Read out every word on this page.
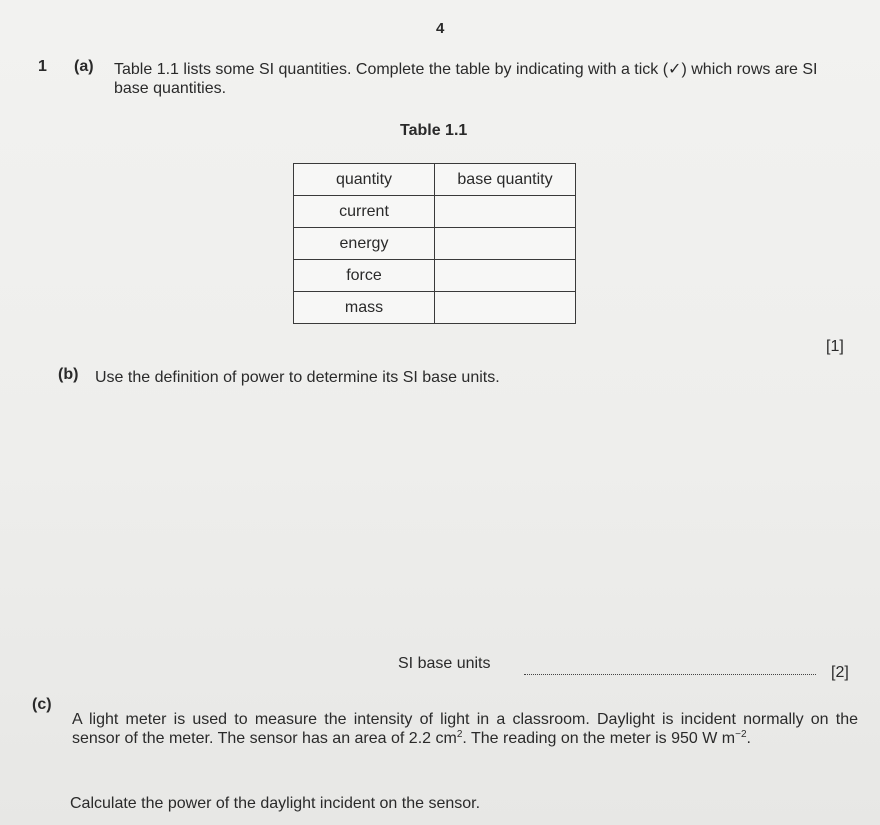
4
1 (a) Table 1.1 lists some SI quantities. Complete the table by indicating with a tick (✓) which rows are SI base quantities.
Table 1.1
quantity	base quantity
current	
energy	
force	
mass	
[1]
(b) Use the definition of power to determine its SI base units.
SI base units
[2]
(c)
A light meter is used to measure the intensity of light in a classroom. Daylight is incident normally on the sensor of the meter. The sensor has an area of 2.2 $cm^2$. The reading on the meter is 950 W $m^{-2}$.
Calculate the power of the daylight incident on the sensor.
